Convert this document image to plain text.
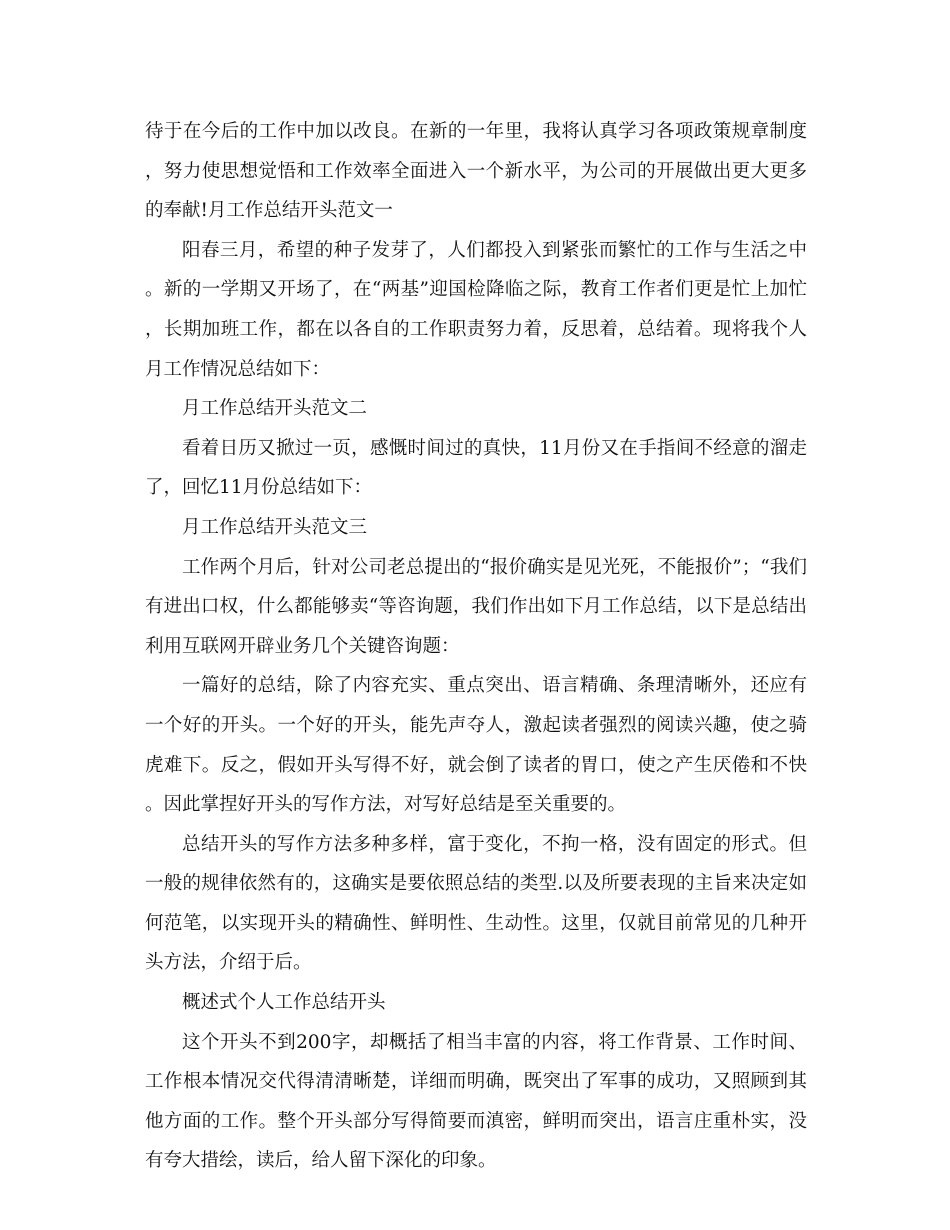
待于在今后的工作中加以改良。在新的一年里，我将认真学习各项政策规章制度，努力使思想觉悟和工作效率全面进入一个新水平，为公司的开展做出更大更多的奉献!月工作总结开头范文一

阳春三月，希望的种子发芽了，人们都投入到紧张而繁忙的工作与生活之中。新的一学期又开场了，在“两基”迎国检降临之际，教育工作者们更是忙上加忙，长期加班工作，都在以各自的工作职责努力着，反思着，总结着。现将我个人月工作情况总结如下：

月工作总结开头范文二

看着日历又掀过一页，感慨时间过的真快，11月份又在手指间不经意的溜走了，回忆11月份总结如下：

月工作总结开头范文三

工作两个月后，针对公司老总提出的“报价确实是见光死，不能报价”；“我们有进出口权，什么都能够卖“等咨询题，我们作出如下月工作总结，以下是总结出利用互联网开辟业务几个关键咨询题：

一篇好的总结，除了内容充实、重点突出、语言精确、条理清晰外，还应有一个好的开头。一个好的开头，能先声夺人，激起读者强烈的阅读兴趣，使之骑虎难下。反之，假如开头写得不好，就会倒了读者的胃口，使之产生厌倦和不快。因此掌捏好开头的写作方法，对写好总结是至关重要的。

总结开头的写作方法多种多样，富于变化，不拘一格，没有固定的形式。但一般的规律依然有的，这确实是要依照总结的类型.以及所要表现的主旨来决定如何范笔，以实现开头的精确性、鲜明性、生动性。这里，仅就目前常见的几种开头方法，介绍于后。

概述式个人工作总结开头

这个开头不到200字，却概括了相当丰富的内容，将工作背景、工作时间、工作根本情况交代得清清晰楚，详细而明确，既突出了军事的成功，又照顾到其他方面的工作。整个开头部分写得简要而滇密，鲜明而突出，语言庄重朴实，没有夸大措绘，读后，给人留下深化的印象。
